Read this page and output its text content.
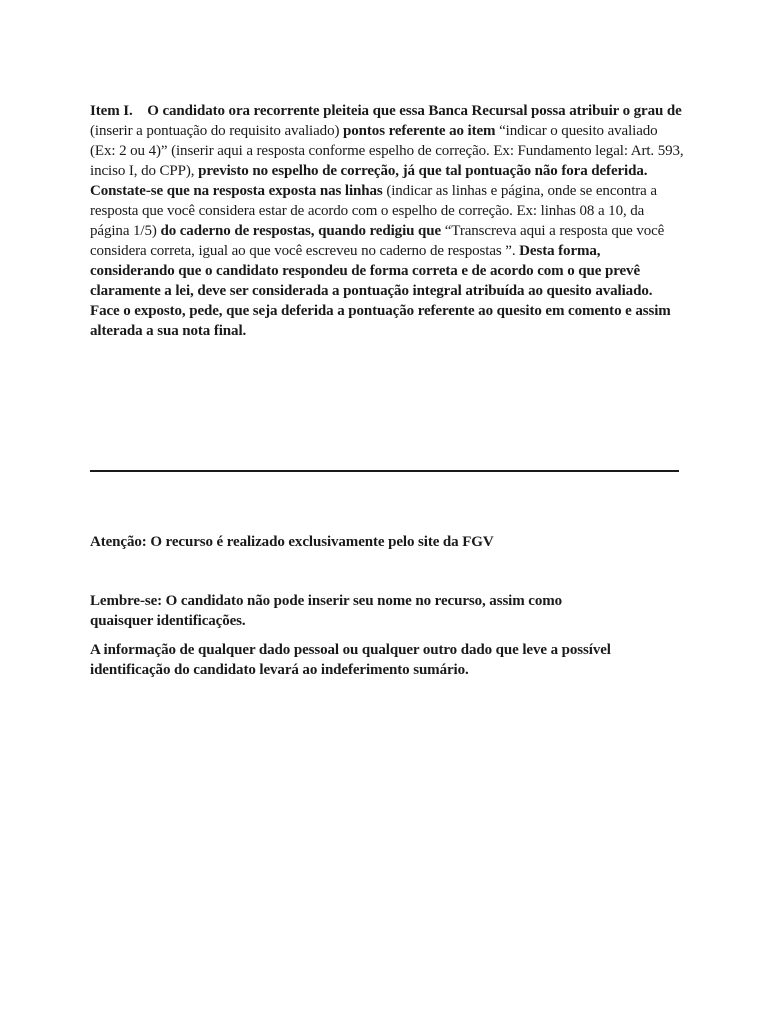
Item I.    O candidato ora recorrente pleiteia que essa Banca Recursal possa atribuir o grau de (inserir a pontuação do requisito avaliado) pontos referente ao item “indicar o quesito avaliado (Ex: 2 ou 4)” (inserir aqui a resposta conforme espelho de correção. Ex: Fundamento legal: Art. 593, inciso I, do CPP), previsto no espelho de correção, já que tal pontuação não fora deferida. Constate-se que na resposta exposta nas linhas (indicar as linhas e página, onde se encontra a resposta que você considera estar de acordo com o espelho de correção. Ex: linhas 08 a 10, da página 1/5) do caderno de respostas, quando redigiu que “Transcreva aqui a resposta que você considera correta, igual ao que você escreveu no caderno de respostas ”. Desta forma, considerando que o candidato respondeu de forma correta e de acordo com o que prevê claramente a lei, deve ser considerada a pontuação integral atribuída ao quesito avaliado. Face o exposto, pede, que seja deferida a pontuação referente ao quesito em comento e assim alterada a sua nota final.

Atenção: O recurso é realizado exclusivamente pelo site da FGV

Lembre-se: O candidato não pode inserir seu nome no recurso, assim como
quaisquer identificações.

A informação de qualquer dado pessoal ou qualquer outro dado que leve a possível
identificação do candidato levará ao indeferimento sumário.
